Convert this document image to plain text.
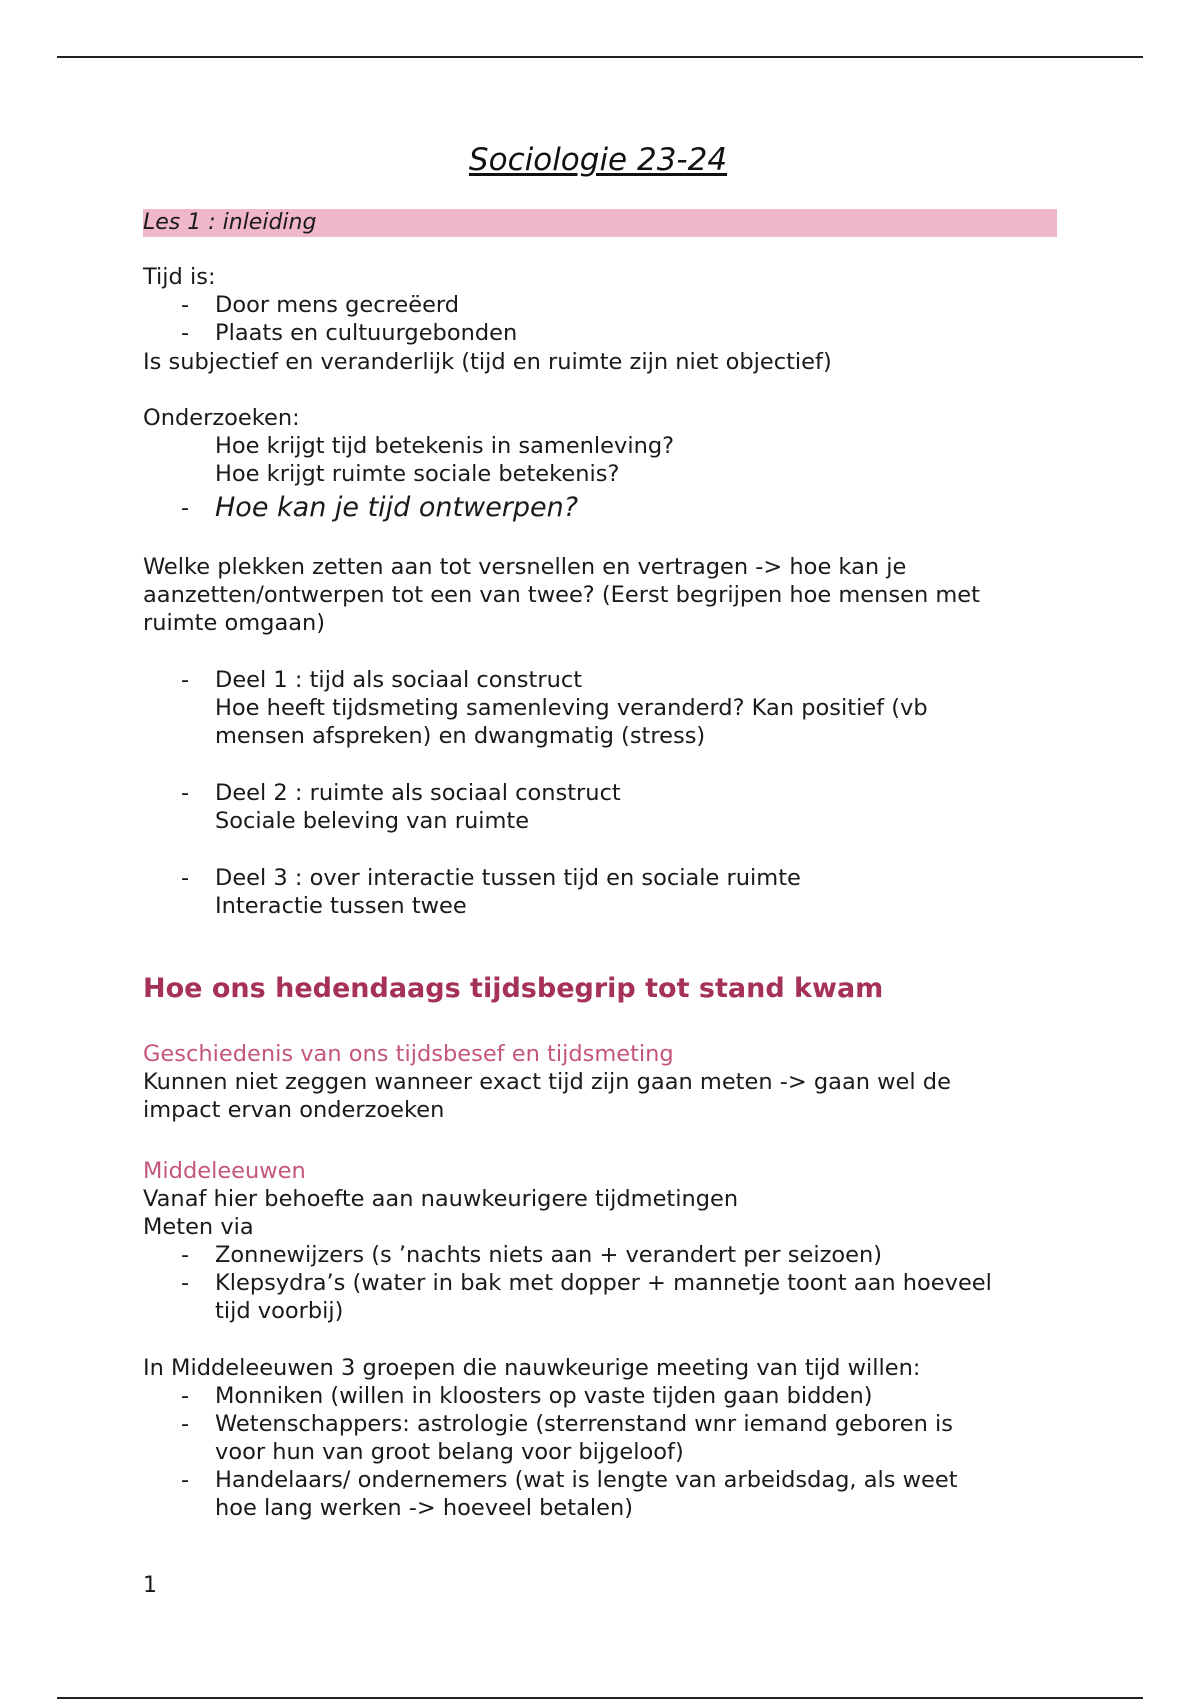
Sociologie 23-24
Les 1 : inleiding
Tijd is:
- Door mens gecreëerd
- Plaats en cultuurgebonden
Is subjectief en veranderlijk (tijd en ruimte zijn niet objectief)
Onderzoeken:
Hoe krijgt tijd betekenis in samenleving?
Hoe krijgt ruimte sociale betekenis?
- Hoe kan je tijd ontwerpen?
Welke plekken zetten aan tot versnellen en vertragen -> hoe kan je
aanzetten/ontwerpen tot een van twee? (Eerst begrijpen hoe mensen met
ruimte omgaan)
- Deel 1 : tijd als sociaal construct
Hoe heeft tijdsmeting samenleving veranderd? Kan positief (vb
mensen afspreken) en dwangmatig (stress)
- Deel 2 : ruimte als sociaal construct
Sociale beleving van ruimte
- Deel 3 : over interactie tussen tijd en sociale ruimte
Interactie tussen twee
Hoe ons hedendaags tijdsbegrip tot stand kwam
Geschiedenis van ons tijdsbesef en tijdsmeting
Kunnen niet zeggen wanneer exact tijd zijn gaan meten -> gaan wel de
impact ervan onderzoeken
Middeleeuwen
Vanaf hier behoefte aan nauwkeurigere tijdmetingen
Meten via
- Zonnewijzers (s ’nachts niets aan + verandert per seizoen)
- Klepsydra’s (water in bak met dopper + mannetje toont aan hoeveel
tijd voorbij)
In Middeleeuwen 3 groepen die nauwkeurige meeting van tijd willen:
- Monniken (willen in kloosters op vaste tijden gaan bidden)
- Wetenschappers: astrologie (sterrenstand wnr iemand geboren is
voor hun van groot belang voor bijgeloof)
- Handelaars/ ondernemers (wat is lengte van arbeidsdag, als weet
hoe lang werken -> hoeveel betalen)
1
